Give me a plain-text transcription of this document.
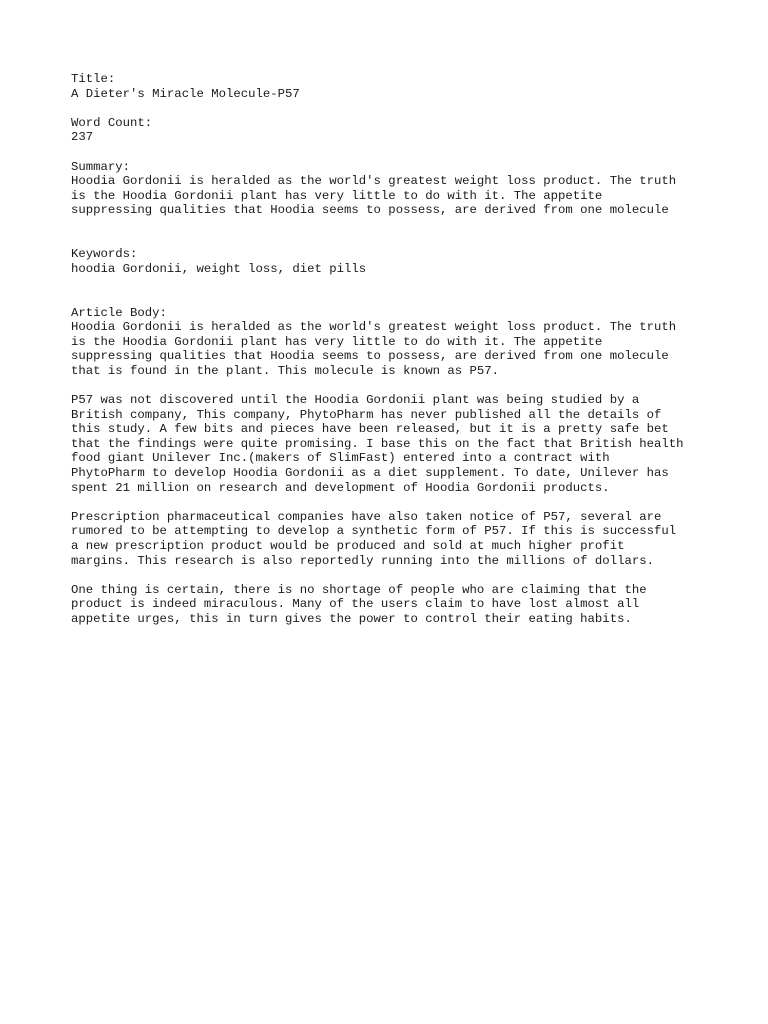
Title:
A Dieter's Miracle Molecule-P57
Word Count:
237
Summary:
Hoodia Gordonii is heralded as the world's greatest weight loss product. The truth
is the Hoodia Gordonii plant has very little to do with it. The appetite
suppressing qualities that Hoodia seems to possess, are derived from one molecule
Keywords:
hoodia Gordonii, weight loss, diet pills
Article Body:
Hoodia Gordonii is heralded as the world's greatest weight loss product. The truth
is the Hoodia Gordonii plant has very little to do with it. The appetite
suppressing qualities that Hoodia seems to possess, are derived from one molecule
that is found in the plant. This molecule is known as P57.
P57 was not discovered until the Hoodia Gordonii plant was being studied by a
British company, This company, PhytoPharm has never published all the details of
this study. A few bits and pieces have been released, but it is a pretty safe bet
that the findings were quite promising. I base this on the fact that British health
food giant Unilever Inc.(makers of SlimFast) entered into a contract with
PhytoPharm to develop Hoodia Gordonii as a diet supplement. To date, Unilever has
spent 21 million on research and development of Hoodia Gordonii products.
Prescription pharmaceutical companies have also taken notice of P57, several are
rumored to be attempting to develop a synthetic form of P57. If this is successful
a new prescription product would be produced and sold at much higher profit
margins. This research is also reportedly running into the millions of dollars.
One thing is certain, there is no shortage of people who are claiming that the
product is indeed miraculous. Many of the users claim to have lost almost all
appetite urges, this in turn gives the power to control their eating habits.
